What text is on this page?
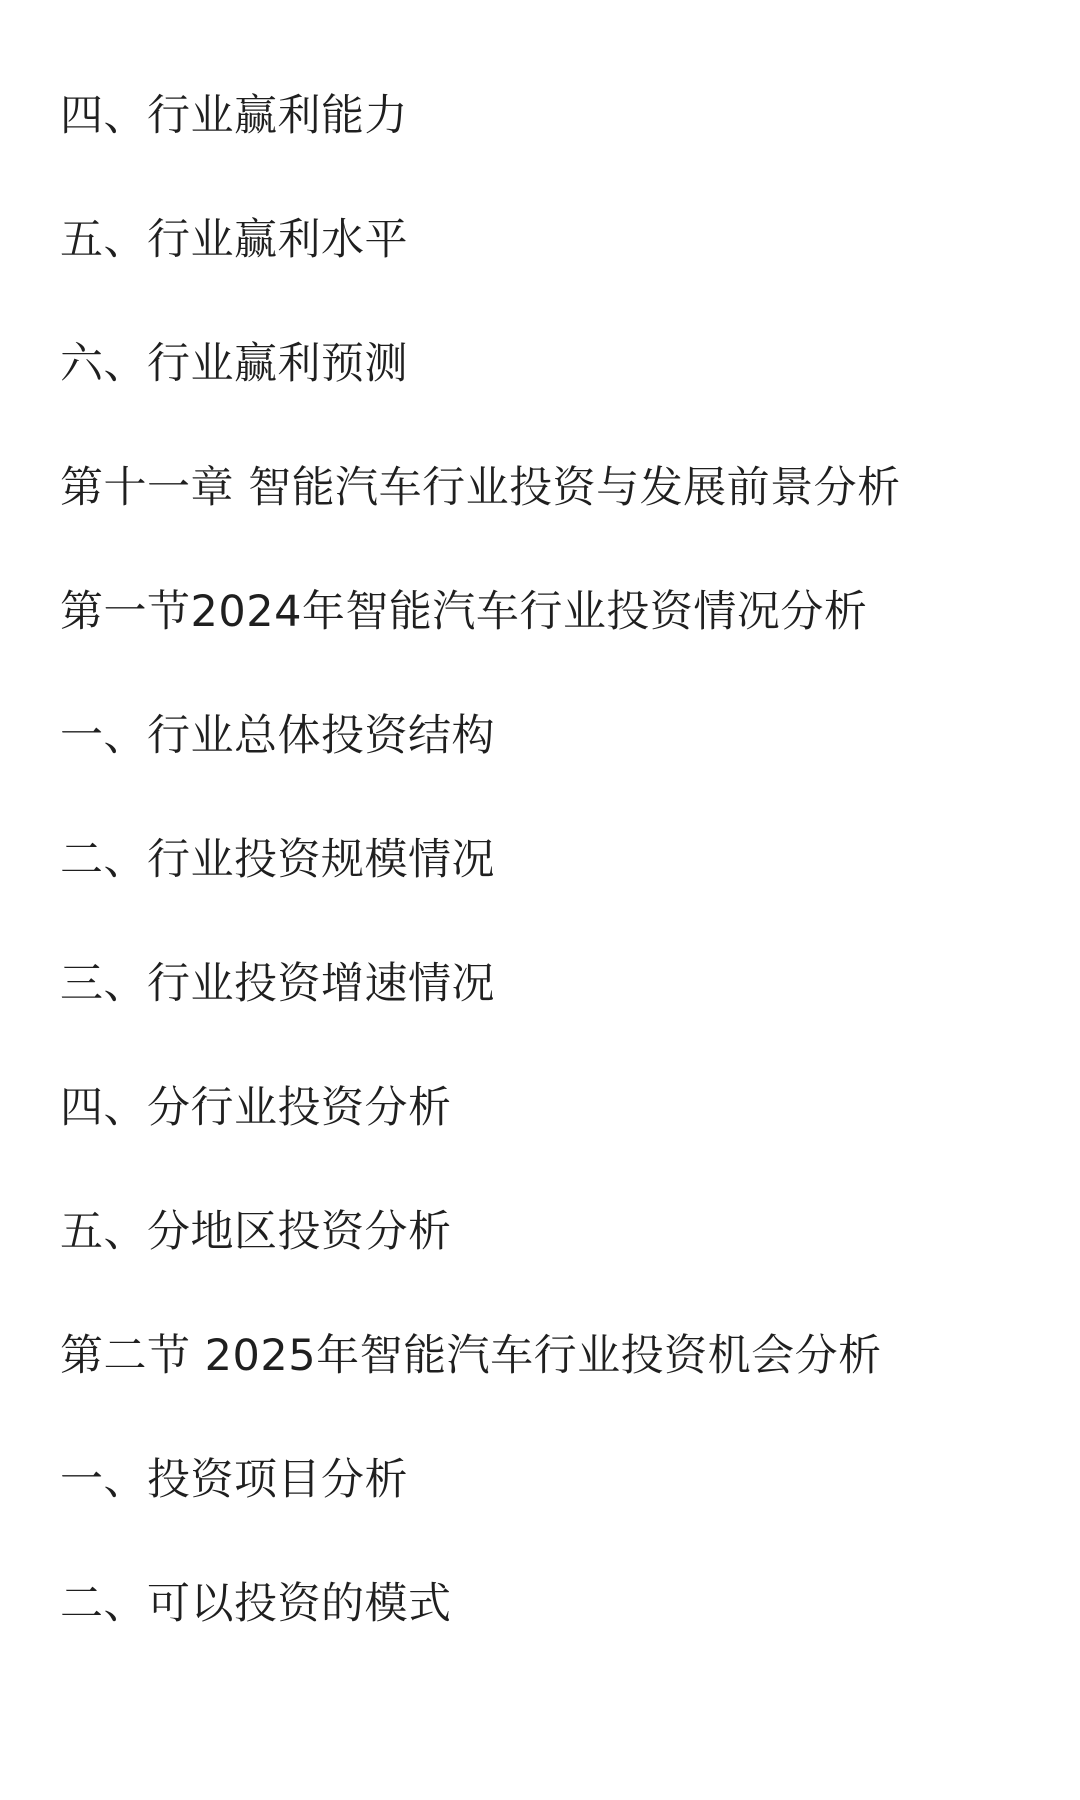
四、行业赢利能力
五、行业赢利水平
六、行业赢利预测
第十一章 智能汽车行业投资与发展前景分析
第一节2024年智能汽车行业投资情况分析
一、行业总体投资结构
二、行业投资规模情况
三、行业投资增速情况
四、分行业投资分析
五、分地区投资分析
第二节 2025年智能汽车行业投资机会分析
一、投资项目分析
二、可以投资的模式
